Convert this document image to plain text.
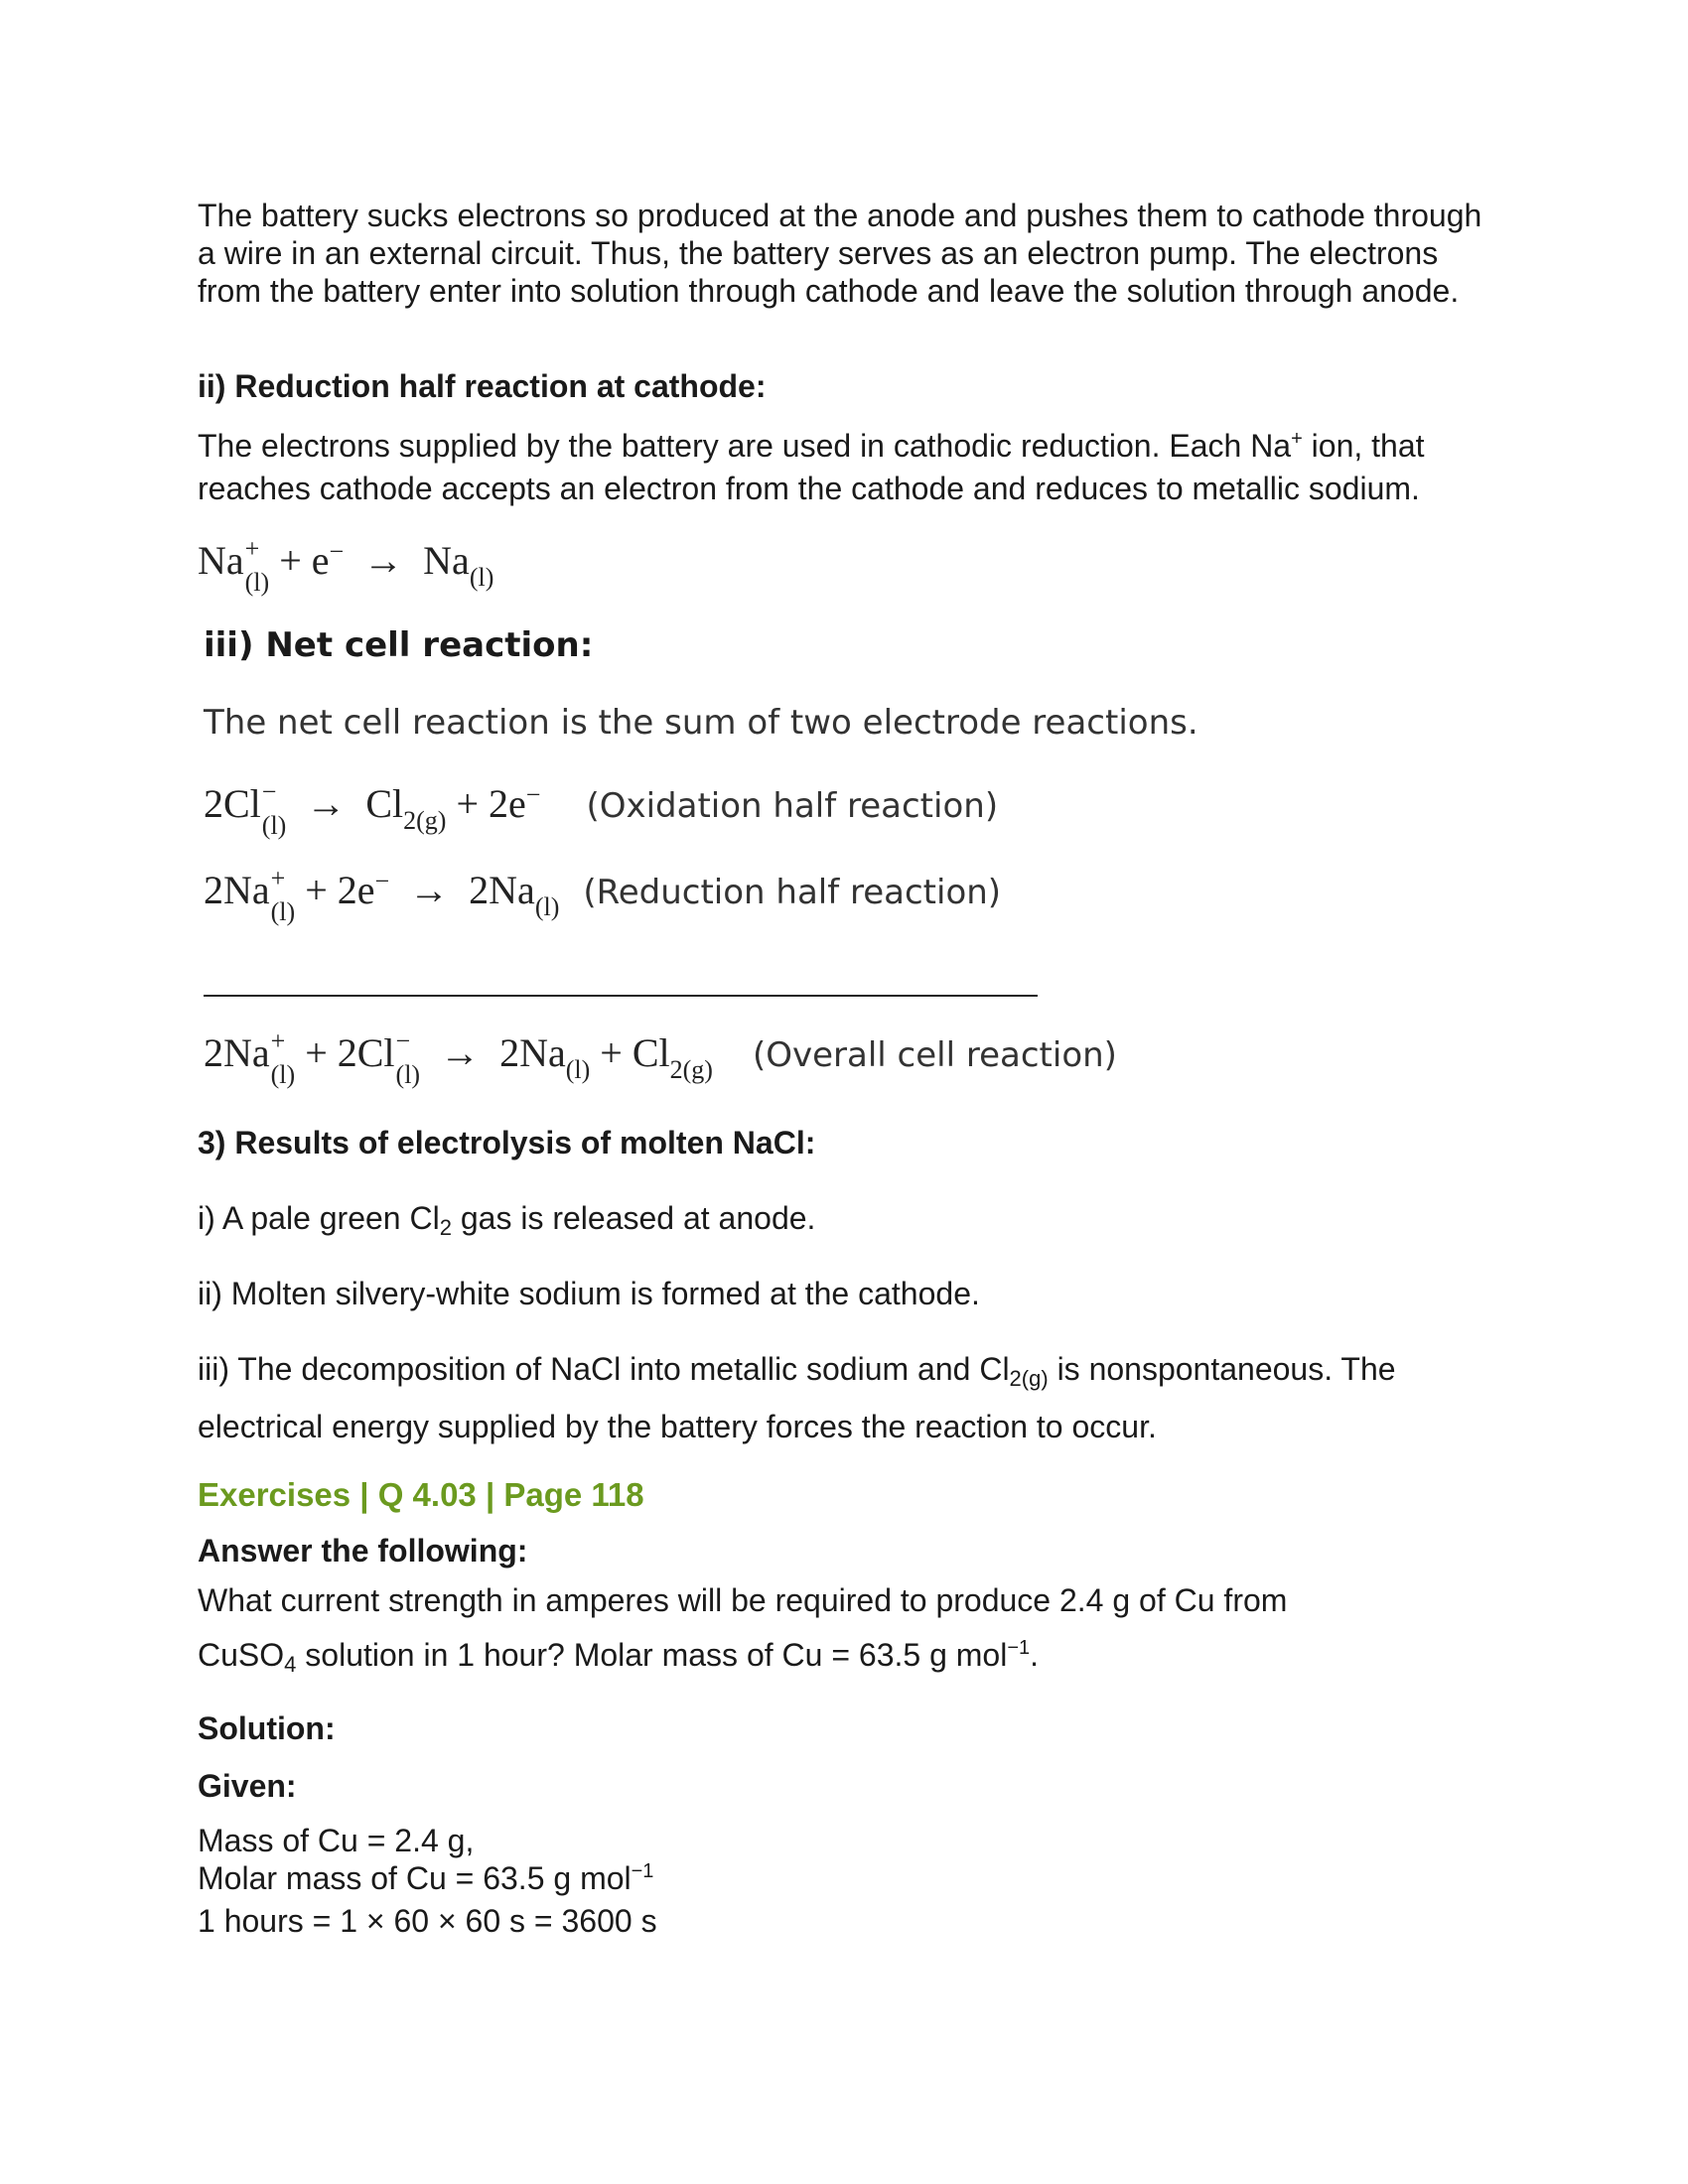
The battery sucks electrons so produced at the anode and pushes them to cathode through a wire in an external circuit. Thus, the battery serves as an electron pump. The electrons from the battery enter into solution through cathode and leave the solution through anode.

ii) Reduction half reaction at cathode:

The electrons supplied by the battery are used in cathodic reduction. Each Na+ ion, that reaches cathode accepts an electron from the cathode and reduces to metallic sodium.

Na +
$(l) + e^- \to Na_{(l)}$

iii) Net cell reaction:

The net cell reaction is the sum of two electrode reactions.

2Cl −
$(l) \to Cl_{2(g)} + 2e^-$ (Oxidation half reaction)
2Na +
$(l) + 2e^- \to 2Na_{(l)}$ (Reduction half reaction)
2Na +
(l) + 2Cl −
$(l) \to 2Na_{(l)} + Cl_{2(g)}$ (Overall cell reaction)

3) Results of electrolysis of molten NaCl:

i) A pale green Cl2 gas is released at anode.

ii) Molten silvery-white sodium is formed at the cathode.

iii) The decomposition of NaCl into metallic sodium and Cl2(g) is nonspontaneous. The electrical energy supplied by the battery forces the reaction to occur.

Exercises | Q 4.03 | Page 118

Answer the following:

What current strength in amperes will be required to produce 2.4 g of Cu from CuSO4 solution in 1 hour? Molar mass of Cu = 63.5 g mol$^{-1}$.

Solution:

Given:

Mass of Cu = 2.4 g,
Molar mass of Cu = 63.5 g mol$^{-1}$
1 hours = 1 × 60 × 60 s = 3600 s
